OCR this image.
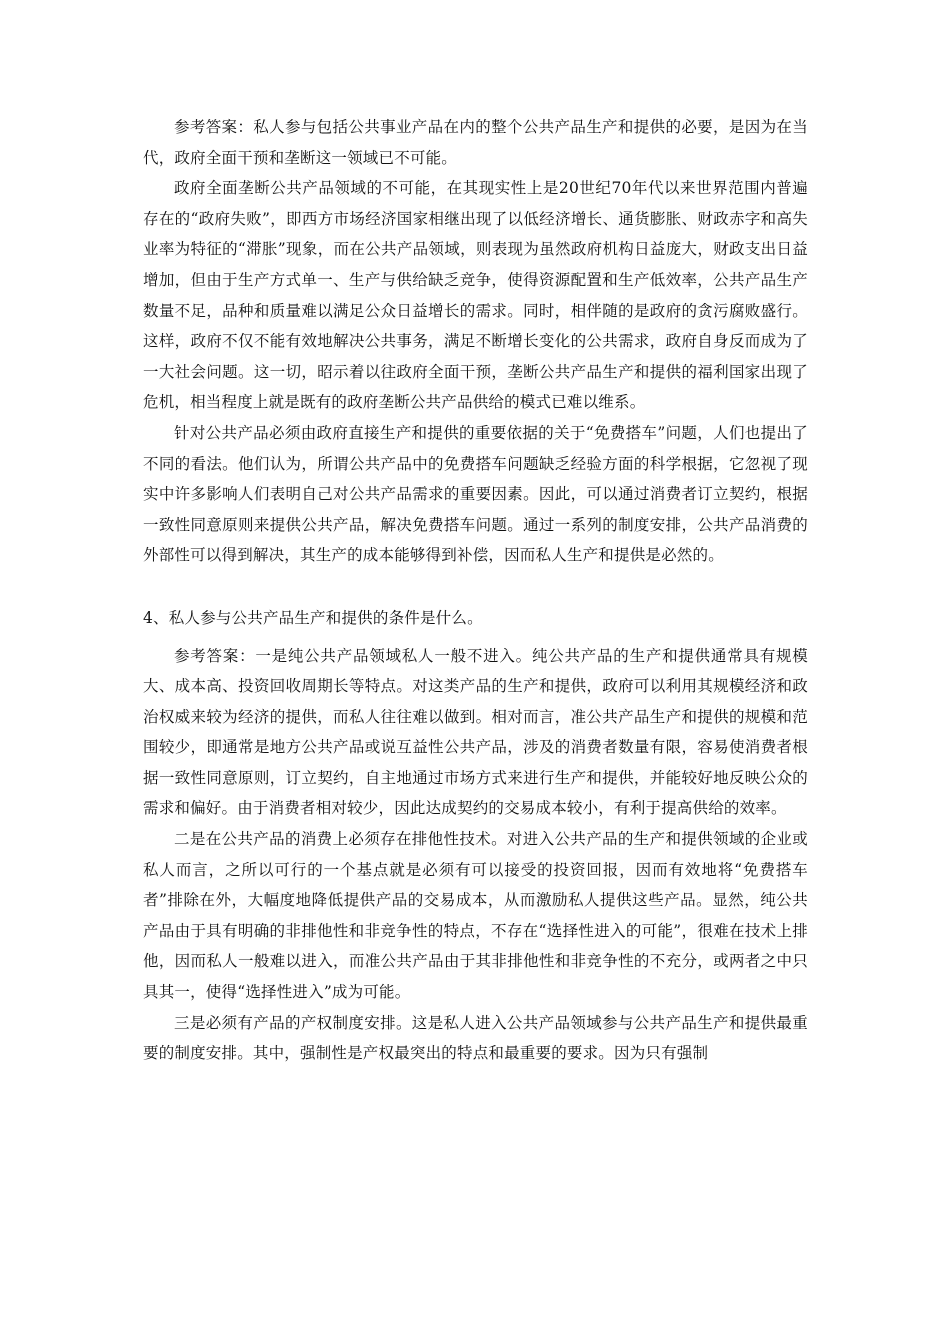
参考答案：私人参与包括公共事业产品在内的整个公共产品生产和提供的必要，是因为在当代，政府全面干预和垄断这一领域已不可能。

政府全面垄断公共产品领域的不可能，在其现实性上是20世纪70年代以来世界范围内普遍存在的“政府失败”，即西方市场经济国家相继出现了以低经济增长、通货膨胀、财政赤字和高失业率为特征的“滞胀”现象，而在公共产品领域，则表现为虽然政府机构日益庞大，财政支出日益增加，但由于生产方式单一、生产与供给缺乏竞争，使得资源配置和生产低效率，公共产品生产数量不足，品种和质量难以满足公众日益增长的需求。同时，相伴随的是政府的贪污腐败盛行。这样，政府不仅不能有效地解决公共事务，满足不断增长变化的公共需求，政府自身反而成为了一大社会问题。这一切，昭示着以往政府全面干预，垄断公共产品生产和提供的福利国家出现了危机，相当程度上就是既有的政府垄断公共产品供给的模式已难以维系。

针对公共产品必须由政府直接生产和提供的重要依据的关于“免费搭车”问题，人们也提出了不同的看法。他们认为，所谓公共产品中的免费搭车问题缺乏经验方面的科学根据，它忽视了现实中许多影响人们表明自己对公共产品需求的重要因素。因此，可以通过消费者订立契约，根据一致性同意原则来提供公共产品，解决免费搭车问题。通过一系列的制度安排，公共产品消费的外部性可以得到解决，其生产的成本能够得到补偿，因而私人生产和提供是必然的。

4、私人参与公共产品生产和提供的条件是什么。

参考答案：一是纯公共产品领域私人一般不进入。纯公共产品的生产和提供通常具有规模大、成本高、投资回收周期长等特点。对这类产品的生产和提供，政府可以利用其规模经济和政治权威来较为经济的提供，而私人往往难以做到。相对而言，准公共产品生产和提供的规模和范围较少，即通常是地方公共产品或说互益性公共产品，涉及的消费者数量有限，容易使消费者根据一致性同意原则，订立契约，自主地通过市场方式来进行生产和提供，并能较好地反映公众的需求和偏好。由于消费者相对较少，因此达成契约的交易成本较小，有利于提高供给的效率。

二是在公共产品的消费上必须存在排他性技术。对进入公共产品的生产和提供领域的企业或私人而言，之所以可行的一个基点就是必须有可以接受的投资回报，因而有效地将“免费搭车者”排除在外，大幅度地降低提供产品的交易成本，从而激励私人提供这些产品。显然，纯公共产品由于具有明确的非排他性和非竞争性的特点，不存在“选择性进入的可能”，很难在技术上排他，因而私人一般难以进入，而准公共产品由于其非排他性和非竞争性的不充分，或两者之中只具其一，使得“选择性进入”成为可能。

三是必须有产品的产权制度安排。这是私人进入公共产品领域参与公共产品生产和提供最重要的制度安排。其中，强制性是产权最突出的特点和最重要的要求。因为只有强制
